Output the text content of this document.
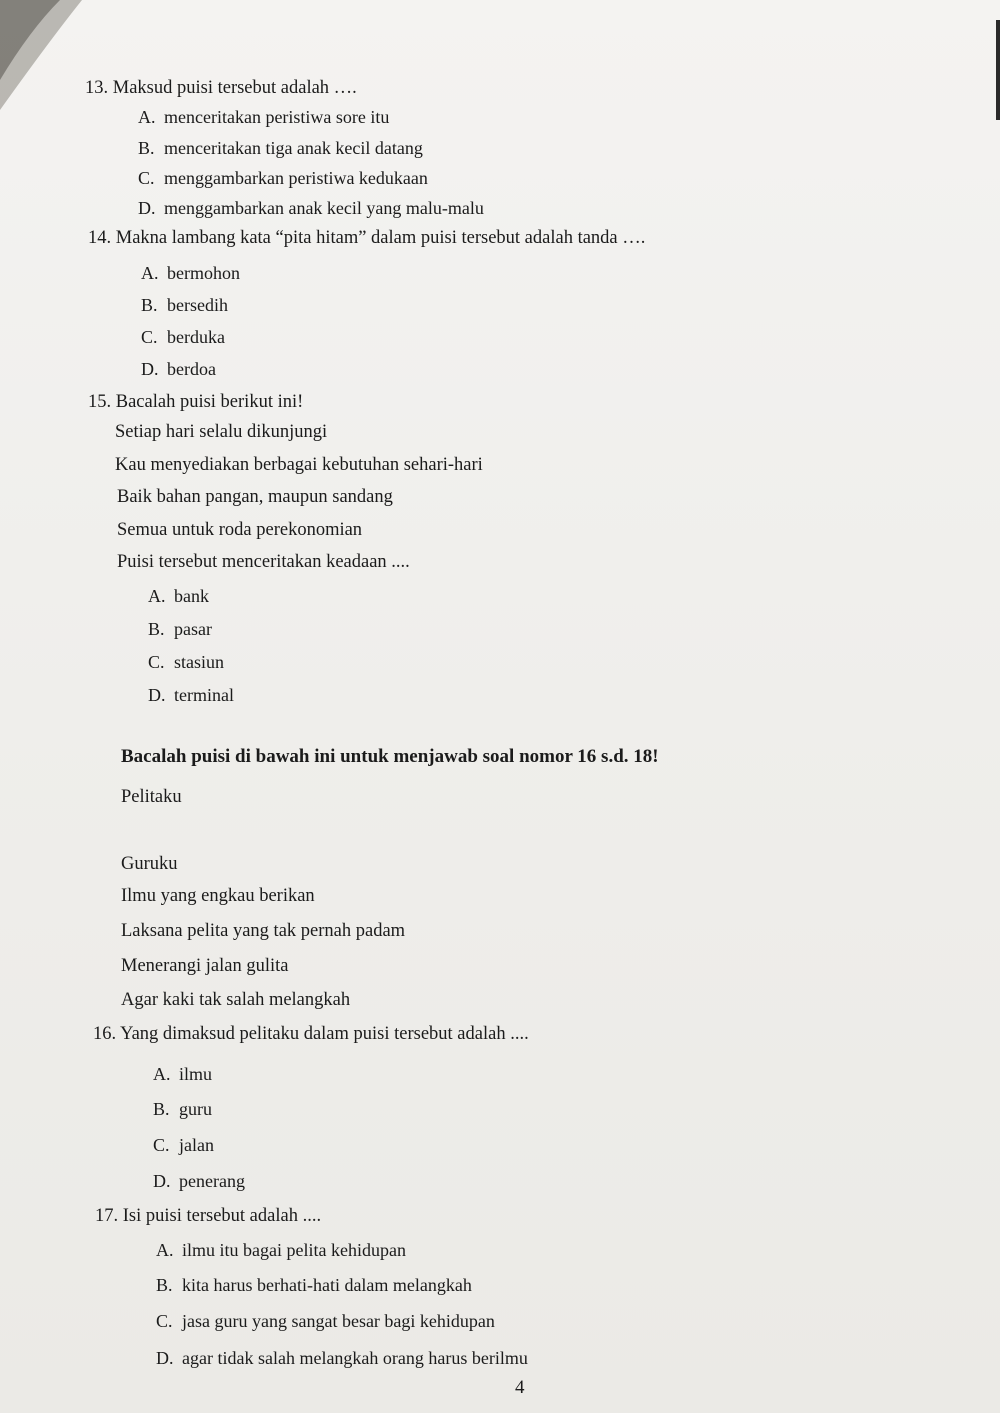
13. Maksud puisi tersebut adalah ….
A. menceritakan peristiwa sore itu
B. menceritakan tiga anak kecil datang
C. menggambarkan peristiwa kedukaan
D. menggambarkan anak kecil yang malu-malu
14. Makna lambang kata “pita hitam” dalam puisi tersebut adalah tanda ….
A. bermohon
B. bersedih
C. berduka
D. berdoa
15. Bacalah puisi berikut ini!
Setiap hari selalu dikunjungi
Kau menyediakan berbagai kebutuhan sehari-hari
Baik bahan pangan, maupun sandang
Semua untuk roda perekonomian
Puisi tersebut menceritakan keadaan ....
A. bank
B. pasar
C. stasiun
D. terminal
Bacalah puisi di bawah ini untuk menjawab soal nomor 16 s.d. 18!
Pelitaku
Guruku
Ilmu yang engkau berikan
Laksana pelita yang tak pernah padam
Menerangi jalan gulita
Agar kaki tak salah melangkah
16. Yang dimaksud pelitaku dalam puisi tersebut adalah ....
A. ilmu
B. guru
C. jalan
D. penerang
17. Isi puisi tersebut adalah ....
A. ilmu itu bagai pelita kehidupan
B. kita harus berhati-hati dalam melangkah
C. jasa guru yang sangat besar bagi kehidupan
D. agar tidak salah melangkah orang harus berilmu
4
